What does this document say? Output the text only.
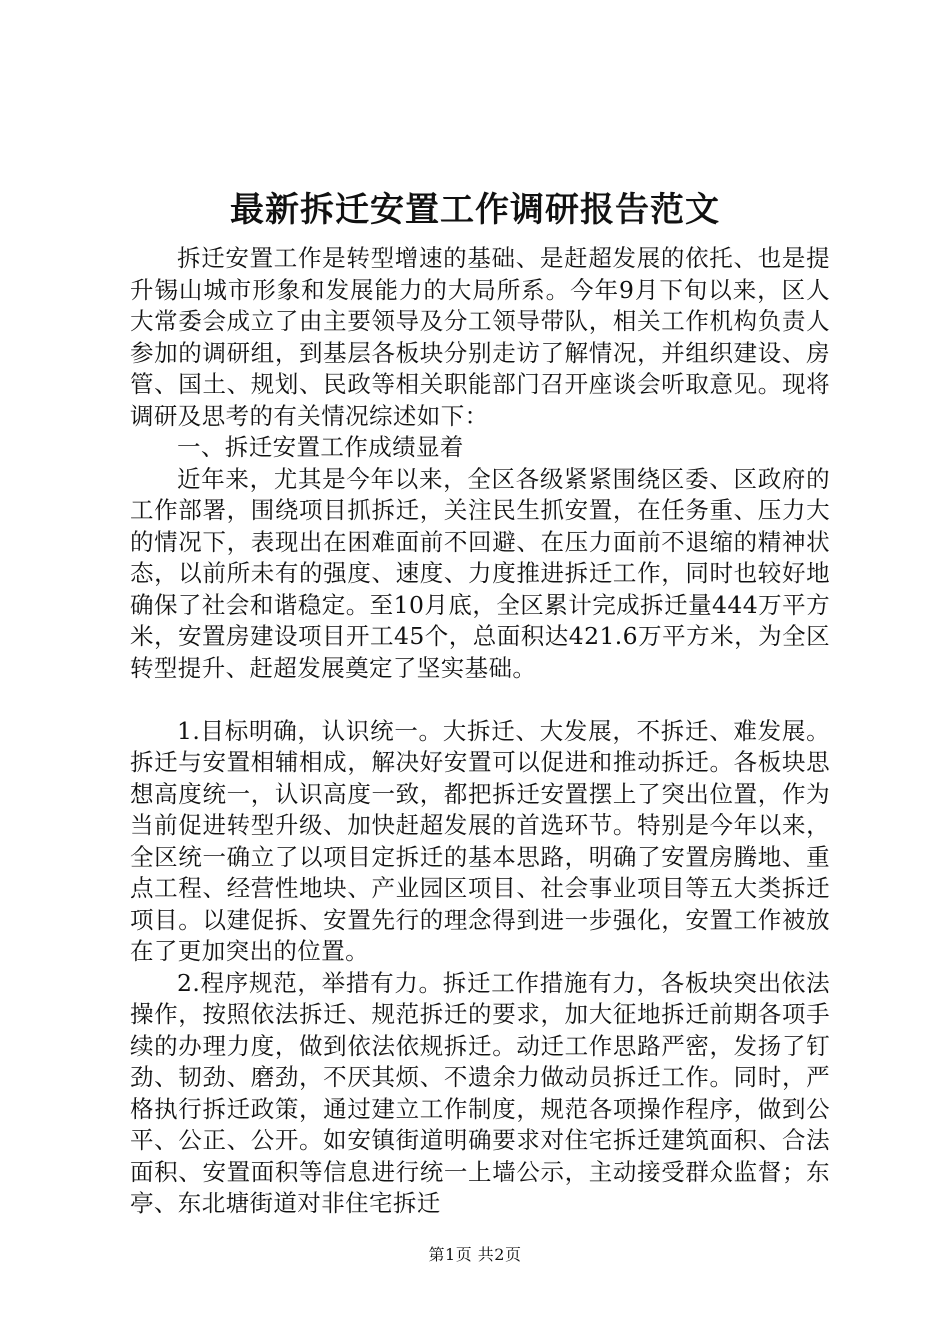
最新拆迁安置工作调研报告范文

拆迁安置工作是转型增速的基础、是赶超发展的依托、也是提升锡山城市形象和发展能力的大局所系。今年9月下旬以来，区人大常委会成立了由主要领导及分工领导带队，相关工作机构负责人参加的调研组，到基层各板块分别走访了解情况，并组织建设、房管、国土、规划、民政等相关职能部门召开座谈会听取意见。现将调研及思考的有关情况综述如下：

一、拆迁安置工作成绩显着

近年来，尤其是今年以来，全区各级紧紧围绕区委、区政府的工作部署，围绕项目抓拆迁，关注民生抓安置，在任务重、压力大的情况下，表现出在困难面前不回避、在压力面前不退缩的精神状态，以前所未有的强度、速度、力度推进拆迁工作，同时也较好地确保了社会和谐稳定。至10月底，全区累计完成拆迁量444万平方米，安置房建设项目开工45个，总面积达421.6万平方米，为全区转型提升、赶超发展奠定了坚实基础。

1.目标明确，认识统一。大拆迁、大发展，不拆迁、难发展。拆迁与安置相辅相成，解决好安置可以促进和推动拆迁。各板块思想高度统一，认识高度一致，都把拆迁安置摆上了突出位置，作为当前促进转型升级、加快赶超发展的首选环节。特别是今年以来，全区统一确立了以项目定拆迁的基本思路，明确了安置房腾地、重点工程、经营性地块、产业园区项目、社会事业项目等五大类拆迁项目。以建促拆、安置先行的理念得到进一步强化，安置工作被放在了更加突出的位置。

2.程序规范，举措有力。拆迁工作措施有力，各板块突出依法操作，按照依法拆迁、规范拆迁的要求，加大征地拆迁前期各项手续的办理力度，做到依法依规拆迁。动迁工作思路严密，发扬了钉劲、韧劲、磨劲，不厌其烦、不遗余力做动员拆迁工作。同时，严格执行拆迁政策，通过建立工作制度，规范各项操作程序，做到公平、公正、公开。如安镇街道明确要求对住宅拆迁建筑面积、合法面积、安置面积等信息进行统一上墙公示，主动接受群众监督；东亭、东北塘街道对非住宅拆迁

第1页 共2页
